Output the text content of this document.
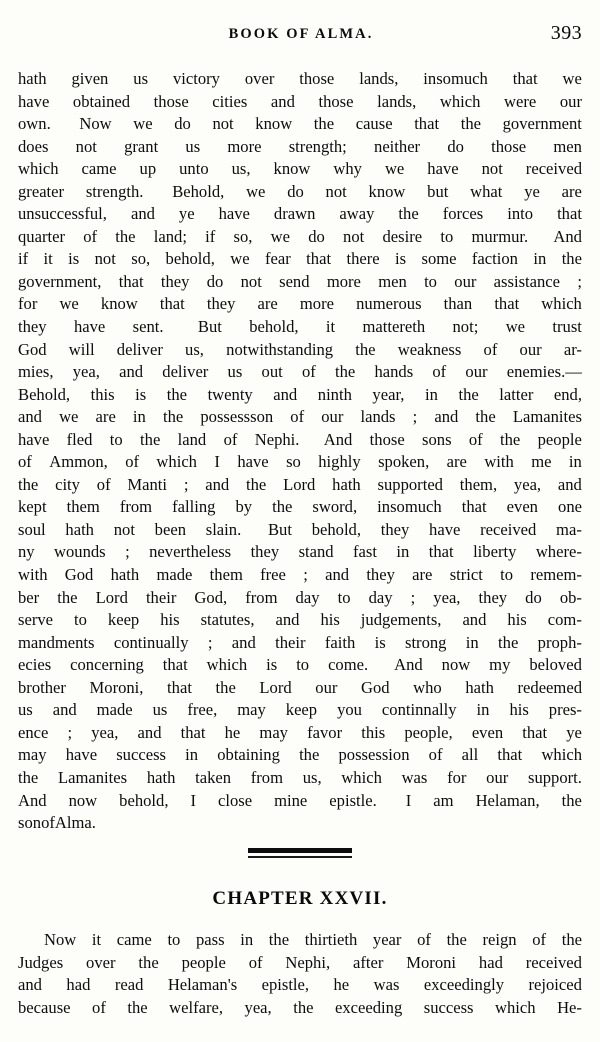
BOOK OF ALMA.	393
hath given us victory over those lands, insomuch that we
have obtained those cities and those lands, which were our
own. Now we do not know the cause that the government
does not grant us more strength; neither do those men
which came up unto us, know why we have not received
greater strength. Behold, we do not know but what ye are
unsuccessful, and ye have drawn away the forces into that
quarter of the land; if so, we do not desire to murmur. And
if it is not so, behold, we fear that there is some faction in the
government, that they do not send more men to our assistance ;
for we know that they are more numerous than that which
they have sent. But behold, it mattereth not; we trust
God will deliver us, notwithstanding the weakness of our ar-
mies, yea, and deliver us out of the hands of our enemies.—
Behold, this is the twenty and ninth year, in the latter end,
and we are in the possessson of our lands ; and the Lamanites
have fled to the land of Nephi. And those sons of the people
of Ammon, of which I have so highly spoken, are with me in
the city of Manti ; and the Lord hath supported them, yea, and
kept them from falling by the sword, insomuch that even one
soul hath not been slain. But behold, they have received ma-
ny wounds ; nevertheless they stand fast in that liberty where-
with God hath made them free ; and they are strict to remem-
ber the Lord their God, from day to day ; yea, they do ob-
serve to keep his statutes, and his judgements, and his com-
mandments continually ; and their faith is strong in the proph-
ecies concerning that which is to come. And now my beloved
brother Moroni, that the Lord our God who hath redeemed
us and made us free, may keep you continnally in his pres-
ence ; yea, and that he may favor this people, even that ye
may have success in obtaining the possession of all that which
the Lamanites hath taken from us, which was for our support.
And now behold, I close mine epistle. I am Helaman, the
son of Alma.
CHAPTER XXVII.
Now it came to pass in the thirtieth year of the reign of the
Judges over the people of Nephi, after Moroni had received
and had read Helaman's epistle, he was exceedingly rejoiced
because of the welfare, yea, the exceeding success which He-
